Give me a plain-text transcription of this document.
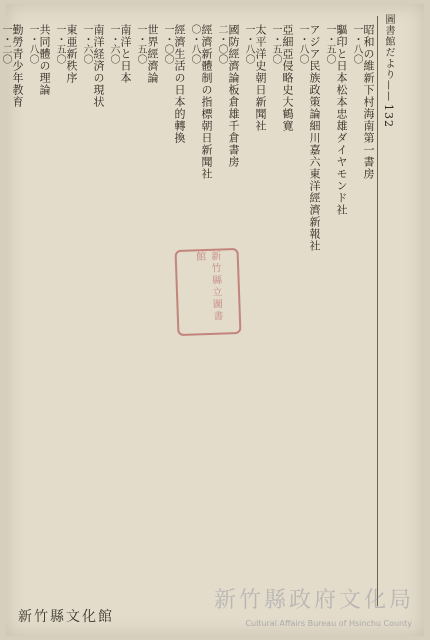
圖書館だより——132
昭和の維新下村海南第一書房
一・八〇
驅印と日本松本忠雄ダイヤモンド社
一・五〇
アジア民族政策論細川嘉六東洋經濟新報社
一・八〇
亞細亞侵略史大鶴寛
一・五〇
太平洋史朝日新聞社
一・八〇
國防經濟論板倉雄千倉書房
二・〇〇
經濟新體制の指標朝日新聞社
〇・八〇
經濟生活の日本的轉換
一・〇〇
世界經濟論
一・五〇
南洋と日本
一・六〇
南洋経済の現状
一・六〇
東亜新秩序
一・五〇
共同體の理論
一・八〇
勤勞青少年教育
一・二〇
新竹縣立圖書館
新竹縣文化館
新竹縣政府文化局
Cultural Affairs Bureau of Hsinchu County
